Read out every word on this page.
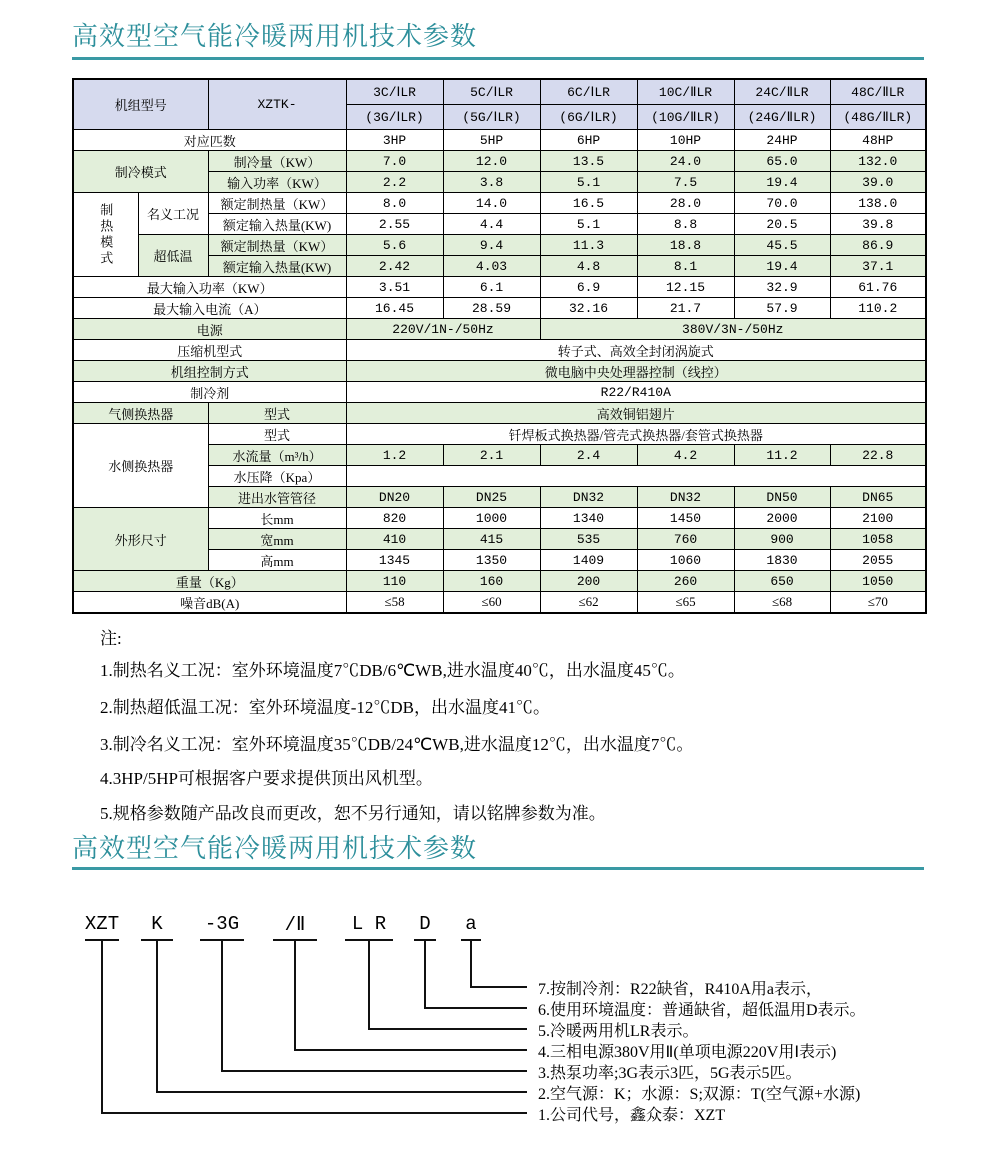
高效型空气能冷暖两用机技术参数
机组型号		XZTK-	3C/ⅠLR	5C/ⅠLR	6C/ⅠLR	10C/ⅡLR	24C/ⅡLR	48C/ⅡLR
			(3G/ⅠLR)	(5G/ⅠLR)	(6G/ⅠLR)	(10G/ⅡLR)	(24G/ⅡLR)	(48G/ⅡLR)
对应匹数			3HP	5HP	6HP	10HP	24HP	48HP
制冷模式		制冷量（KW）	7.0	12.0	13.5	24.0	65.0	132.0
		输入功率（KW）	2.2	3.8	5.1	7.5	19.4	39.0
制热模式	名义工况	额定制热量（KW）	8.0	14.0	16.5	28.0	70.0	138.0
		额定输入热量(KW)	2.55	4.4	5.1	8.8	20.5	39.8
	超低温	额定制热量（KW）	5.6	9.4	11.3	18.8	45.5	86.9
		额定输入热量(KW)	2.42	4.03	4.8	8.1	19.4	37.1
最大输入功率（KW）			3.51	6.1	6.9	12.15	32.9	61.76
最大输入电流（A）			16.45	28.59	32.16	21.7	57.9	110.2
电源			220V/1N-/50Hz		380V/3N-/50Hz			
压缩机型式			转子式、高效全封闭涡旋式					
机组控制方式			微电脑中央处理器控制（线控）					
制冷剂			R22/R410A					
气侧换热器		型式	高效铜铝翅片					
水侧换热器		型式	钎焊板式换热器/管壳式换热器/套管式换热器					
		水流量（m³/h）	1.2	2.1	2.4	4.2	11.2	22.8
		水压降（Kpa）						
		进出水管管径	DN20	DN25	DN32	DN32	DN50	DN65
外形尺寸		长mm	820	1000	1340	1450	2000	2100
		宽mm	410	415	535	760	900	1058
		高mm	1345	1350	1409	1060	1830	2055
重量（Kg）			110	160	200	260	650	1050
噪音dB(A)			≤58	≤60	≤62	≤65	≤68	≤70
注:
1.制热名义工况：室外环境温度7℃DB/6℃WB,进水温度40℃，出水温度45℃。
2.制热超低温工况：室外环境温度-12℃DB，出水温度41℃。
3.制冷名义工况：室外环境温度35℃DB/24℃WB,进水温度12℃，出水温度7℃。
4.3HP/5HP可根据客户要求提供顶出风机型。
5.规格参数随产品改良而更改，恕不另行通知，请以铭牌参数为准。
高效型空气能冷暖两用机技术参数
XZT	K	-3G	/Ⅱ	L R	D	a
7.按制冷剂：R22缺省，R410A用a表示，
6.使用环境温度：普通缺省，超低温用D表示。
5.冷暖两用机LR表示。
4.三相电源380V用Ⅱ(单项电源220V用Ⅰ表示)
3.热泵功率;3G表示3匹，5G表示5匹。
2.空气源：K；水源：S;双源：T(空气源+水源)
1.公司代号，鑫众泰：XZT
